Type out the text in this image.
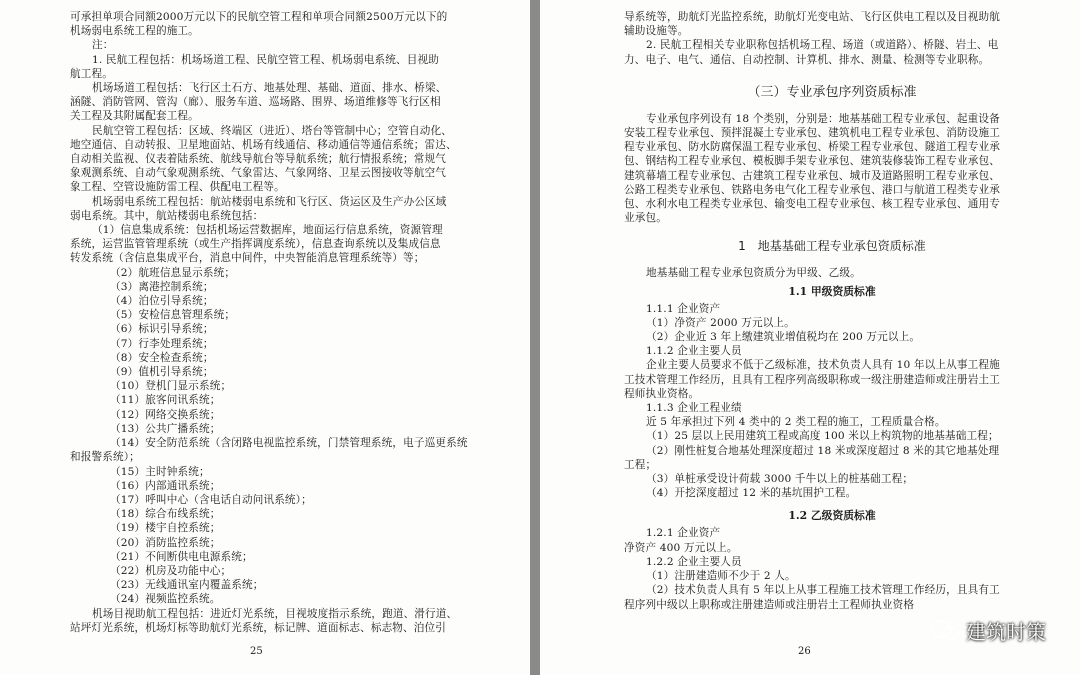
可承担单项合同额2000万元以下的民航空管工程和单项合同额2500万元以下的
机场弱电系统工程的施工。
注：
1. 民航工程包括：机场场道工程、民航空管工程、机场弱电系统、目视助
航工程。
机场场道工程包括：飞行区土石方、地基处理、基础、道面、排水、桥梁、
涵隧、消防管网、管沟（廊）、服务车道、巡场路、围界、场道维修等飞行区相
关工程及其附属配套工程。
民航空管工程包括：区域、终端区（进近）、塔台等管制中心；空管自动化、
地空通信、自动转报、卫星地面站、机场有线通信、移动通信等通信系统；雷达、
自动相关监视、仪表着陆系统、航线导航台等导航系统；航行情报系统；常规气
象观测系统、自动气象观测系统、气象雷达、气象网络、卫星云图接收等航空气
象工程、空管设施防雷工程、供配电工程等。
机场弱电系统工程包括：航站楼弱电系统和飞行区、货运区及生产办公区域
弱电系统。其中，航站楼弱电系统包括：
（1）信息集成系统：包括机场运营数据库，地面运行信息系统，资源管理
系统，运营监管管理系统（或生产指挥调度系统），信息查询系统以及集成信息
转发系统（含信息集成平台，消息中间件，中央智能消息管理系统等）等；
（2）航班信息显示系统；
（3）离港控制系统；
（4）泊位引导系统；
（5）安检信息管理系统；
（6）标识引导系统；
（7）行李处理系统；
（8）安全检查系统；
（9）值机引导系统；
（10）登机门显示系统；
（11）旅客问讯系统；
（12）网络交换系统；
（13）公共广播系统；
（14）安全防范系统（含闭路电视监控系统，门禁管理系统，电子巡更系统
和报警系统）；
（15）主时钟系统；
（16）内部通讯系统；
（17）呼叫中心（含电话自动问讯系统）；
（18）综合布线系统；
（19）楼宇自控系统；
（20）消防监控系统；
（21）不间断供电电源系统；
（22）机房及功能中心；
（23）无线通讯室内覆盖系统；
（24）视频监控系统。
机场目视助航工程包括：进近灯光系统，目视坡度指示系统，跑道、滑行道、
站坪灯光系统，机场灯标等助航灯光系统，标记牌、道面标志、标志物、泊位引
25
导系统等，助航灯光监控系统，助航灯光变电站、飞行区供电工程以及目视助航
辅助设施等。
2. 民航工程相关专业职称包括机场工程、场道（或道路）、桥隧、岩土、电
力、电子、电气、通信、自动控制、计算机、排水、测量、检测等专业职称。
（三）专业承包序列资质标准
专业承包序列设有 18 个类别，分别是：地基基础工程专业承包、起重设备
安装工程专业承包、预拌混凝土专业承包、建筑机电工程专业承包、消防设施工
程专业承包、防水防腐保温工程专业承包、桥梁工程专业承包、隧道工程专业承
包、钢结构工程专业承包、模板脚手架专业承包、建筑装修装饰工程专业承包、
建筑幕墙工程专业承包、古建筑工程专业承包、城市及道路照明工程专业承包、
公路工程类专业承包、铁路电务电气化工程专业承包、港口与航道工程类专业承
包、水利水电工程类专业承包、输变电工程专业承包、核工程专业承包、通用专
业承包。
1　地基基础工程专业承包资质标准
地基基础工程专业承包资质分为甲级、乙级。
1.1 甲级资质标准
1.1.1 企业资产
（1）净资产 2000 万元以上。
（2）企业近 3 年上缴建筑业增值税均在 200 万元以上。
1.1.2 企业主要人员
企业主要人员要求不低于乙级标准，技术负责人具有 10 年以上从事工程施
工技术管理工作经历，且具有工程序列高级职称或一级注册建造师或注册岩土工
程师执业资格。
1.1.3 企业工程业绩
近 5 年承担过下列 4 类中的 2 类工程的施工，工程质量合格。
（1）25 层以上民用建筑工程或高度 100 米以上构筑物的地基基础工程；
（2）刚性桩复合地基处理深度超过 18 米或深度超过 8 米的其它地基处理
工程；
（3）单桩承受设计荷载 3000 千牛以上的桩基础工程；
（4）开挖深度超过 12 米的基坑围护工程。
1.2 乙级资质标准
1.2.1 企业资产
净资产 400 万元以上。
1.2.2 企业主要人员
（1）注册建造师不少于 2 人。
（2）技术负责人具有 5 年以上从事工程施工技术管理工作经历，且具有工
程序列中级以上职称或注册建造师或注册岩土工程师执业资格
26
建筑时策
